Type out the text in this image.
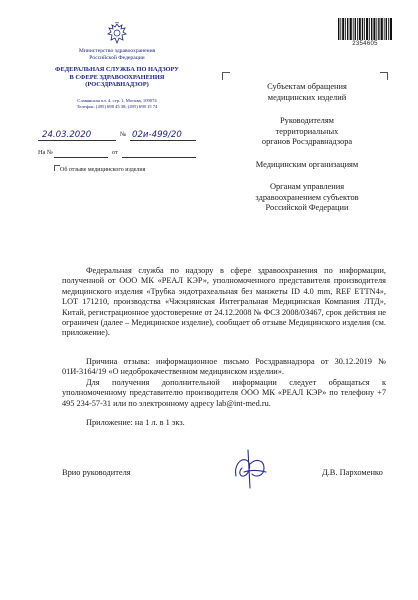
Министерство здравоохранения
Российской Федерации
ФЕДЕРАЛЬНАЯ СЛУЖБА ПО НАДЗОРУ
В СФЕРЕ ЗДРАВООХРАНЕНИЯ
(РОСЗДРАВНАДЗОР)
Славянская пл. 4, стр. 1, Москва, 109074
Телефон: (495) 698 45 38; (495) 698 15 74
24.03.2020	№ 02и-499/20
На №	от
Об отзыве медицинского изделия
2354605
Субъектам обращения
медицинских изделий
Руководителям
территориальных
органов Росздравнадзора
Медицинским организациям
Органам управления
здравоохранением субъектов
Российской Федерации

Федеральная служба по надзору в сфере здравоохранения по информации, полученной от ООО МК «РЕАЛ КЭР», уполномоченного представителя производителя медицинского изделия «Трубка эндотрахеальная без манжеты ID 4.0 mm, REF ETTN4», LOT 171210, производства «Чжэцзянская Интегральная Медицинская Компания ЛТД», Китай, регистрационное удостоверение от 24.12.2008 № ФСЗ 2008/03467, срок действия не ограничен (далее – Медицинское изделие), сообщает об отзыве Медицинского изделия (см. приложение).

Причина отзыва: информационное письмо Росздравнадзора от 30.12.2019 № 01И-3164/19 «О недоброкачественном медицинском изделии».

Для получения дополнительной информации следует обращаться к уполномоченному представителю производителя ООО МК «РЕАЛ КЭР» по телефону +7 495 234-57-31 или по электронному адресу lab@int-med.ru.

Приложение: на 1 л. в 1 экз.

Врио руководителя	Д.В. Пархоменко
